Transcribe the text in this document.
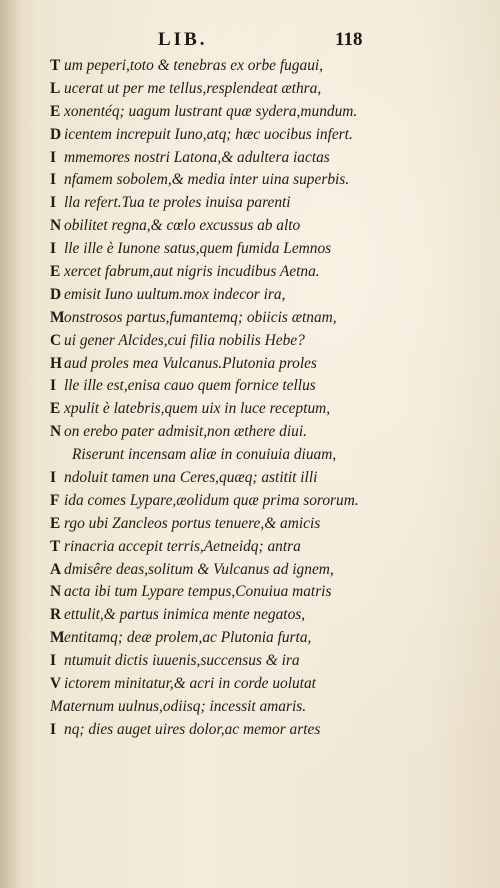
LIB.	118
T um peperi,toto & tenebras ex orbe fugaui,
L ucerat ut per me tellus,resplendeat æthra,
E xonentéq; uagum lustrant quæ sydera,mundum.
D icentem increpuit Iuno,atq; hæc uocibus infert.
I mmemores nostri Latona,& adultera iactas
I nfamem sobolem,& media inter uina superbis.
I lla refert.Tua te proles inuisa parenti
N obilitet regna,& cœlo excussus ab alto
I lle ille è Iunone satus,quem fumida Lemnos
E xercet fabrum,aut nigris incudibus Aetna.
D emisit Iuno uultum.mox indecor ira,
Monstrosos partus,fumantemq; obiicis ætnam,
C ui gener Alcides,cui filia nobilis Hebe?
H aud proles mea Vulcanus.Plutonia proles
I lle ille est,enisa cauo quem fornice tellus
E xpulit è latebris,quem uix in luce receptum,
N on erebo pater admisit,non æthere diui.
Riserunt incensam aliæ in conuiuia diuam,
I ndoluit tamen una Ceres,quæq; astitit illi
F ida comes Lypare,æolidum quæ prima sororum.
E rgo ubi Zancleos portus tenuere,& amicis
T rinacria accepit terris,Aetneidq; antra
A dmisêre deas,solitum & Vulcanus ad ignem,
N acta ibi tum Lypare tempus,Conuiua matris
R ettulit,& partus inimica mente negatos,
Mentitamq; deæ prolem,ac Plutonia furta,
I ntumuit dictis iuuenis,succensus & ira
V ictorem minitatur,& acri in corde uolutat
Maternum uulnus,odiisq; incessit amaris.
I nq; dies auget uires dolor,ac memor artes
